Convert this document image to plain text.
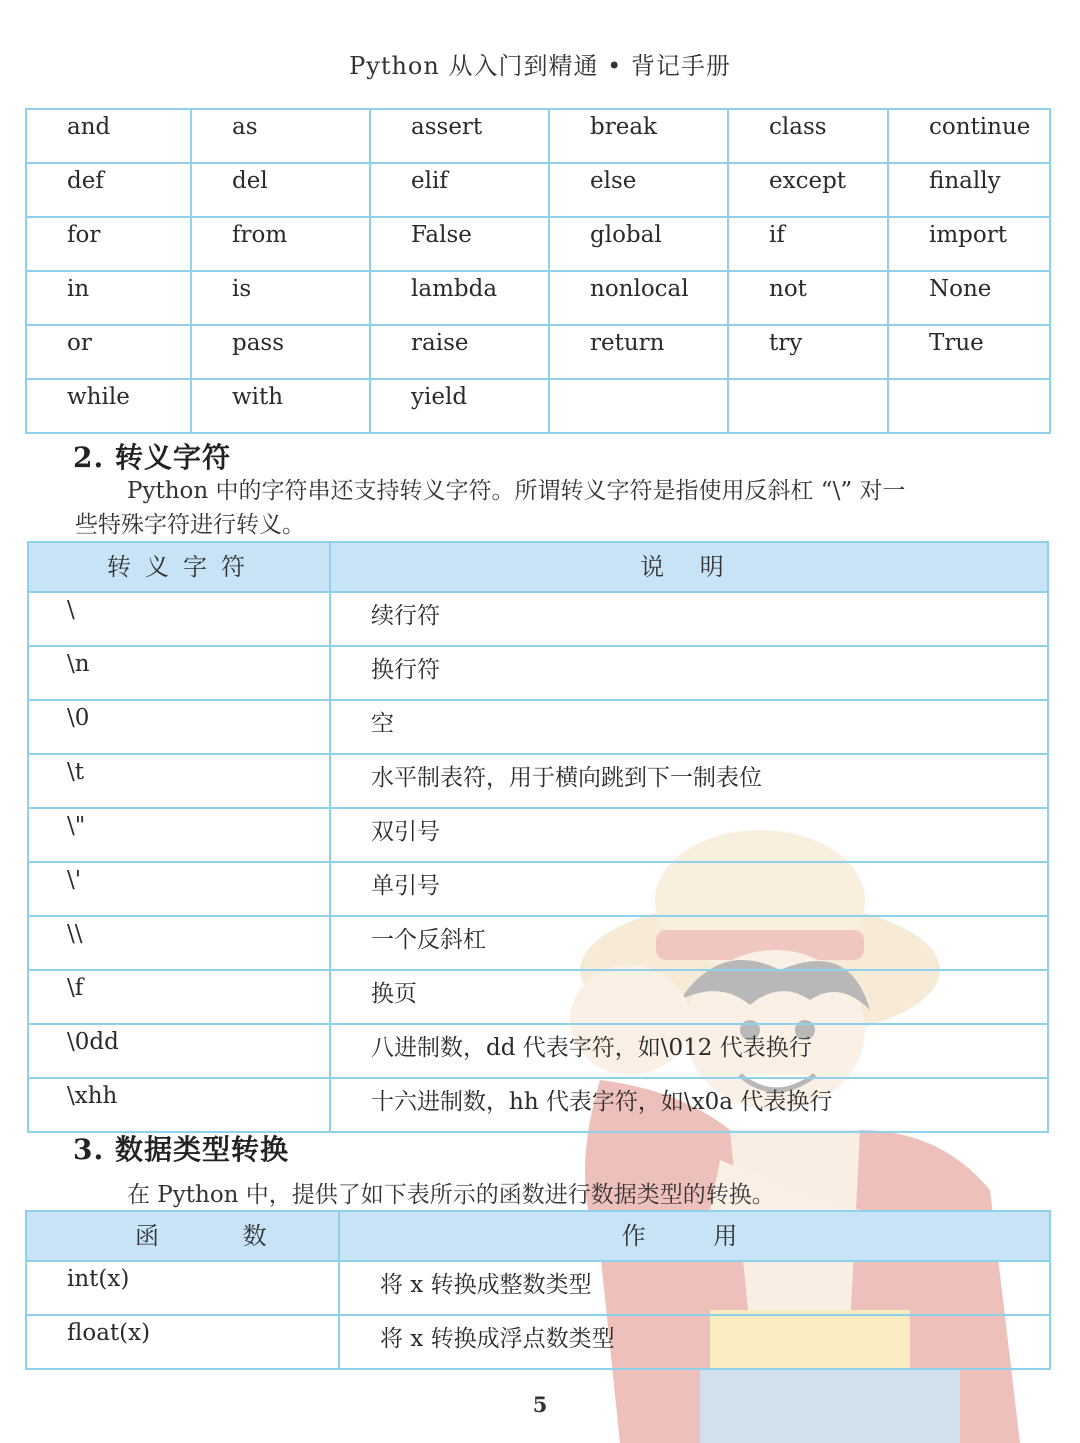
Python 从入门到精通 • 背记手册
and	as	assert	break	class	continue
def	del	elif	else	except	finally
for	from	False	global	if	import
in	is	lambda	nonlocal	not	None
or	pass	raise	return	try	True
while	with	yield			
2. 转义字符
Python 中的字符串还支持转义字符。所谓转义字符是指使用反斜杠 “\” 对一
些特殊字符进行转义。
转义字符	说 明

\	续行符
\n	换行符
\0	空
\t	水平制表符，用于横向跳到下一制表位
\"	双引号
\'	单引号
\\	一个反斜杠
\f	换页
\0dd	八进制数，dd 代表字符，如\012 代表换行
\xhh	十六进制数，hh 代表字符，如\x0a 代表换行
3. 数据类型转换
在 Python 中，提供了如下表所示的函数进行数据类型的转换。
函 数	作 用

int(x)	将 x 转换成整数类型
float(x)	将 x 转换成浮点数类型
5
